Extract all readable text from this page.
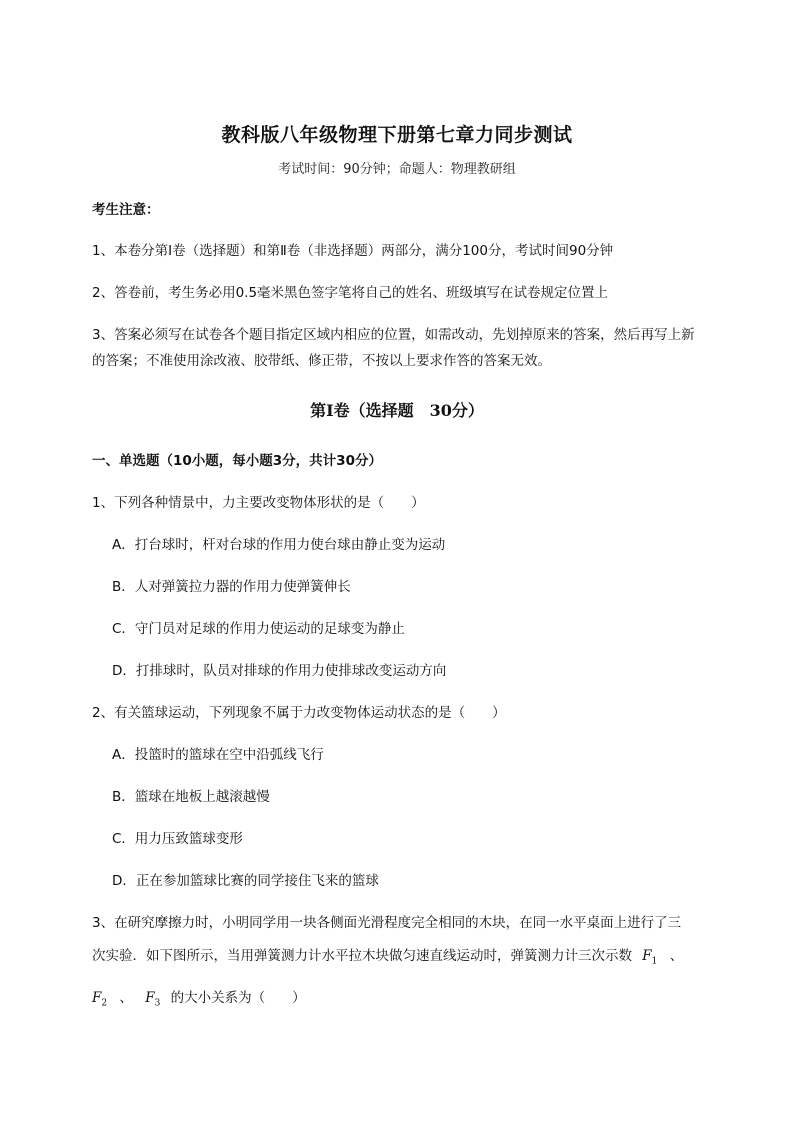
教科版八年级物理下册第七章力同步测试
考试时间：90分钟；命题人：物理教研组
考生注意：
1、本卷分第I卷（选择题）和第Ⅱ卷（非选择题）两部分，满分100分，考试时间90分钟
2、答卷前，考生务必用0.5毫米黑色签字笔将自己的姓名、班级填写在试卷规定位置上
3、答案必须写在试卷各个题目指定区域内相应的位置，如需改动，先划掉原来的答案，然后再写上新的答案；不准使用涂改液、胶带纸、修正带，不按以上要求作答的答案无效。
第I卷（选择题　30分）
一、单选题（10小题，每小题3分，共计30分）
1、下列各种情景中，力主要改变物体形状的是（　　）
A．打台球时，杆对台球的作用力使台球由静止变为运动
B．人对弹簧拉力器的作用力使弹簧伸长
C．守门员对足球的作用力使运动的足球变为静止
D．打排球时，队员对排球的作用力使排球改变运动方向
2、有关篮球运动，下列现象不属于力改变物体运动状态的是（　　）
A．投篮时的篮球在空中沿弧线飞行
B．篮球在地板上越滚越慢
C．用力压致篮球变形
D．正在参加篮球比赛的同学接住飞来的篮球
3、在研究摩擦力时，小明同学用一块各侧面光滑程度完全相同的木块，在同一水平桌面上进行了三
次实验．如下图所示，当用弹簧测力计水平拉木块做匀速直线运动时，弹簧测力计三次示数 $F_1$ 、
$F_2$ 、 $F_3$ 的大小关系为（　　）
